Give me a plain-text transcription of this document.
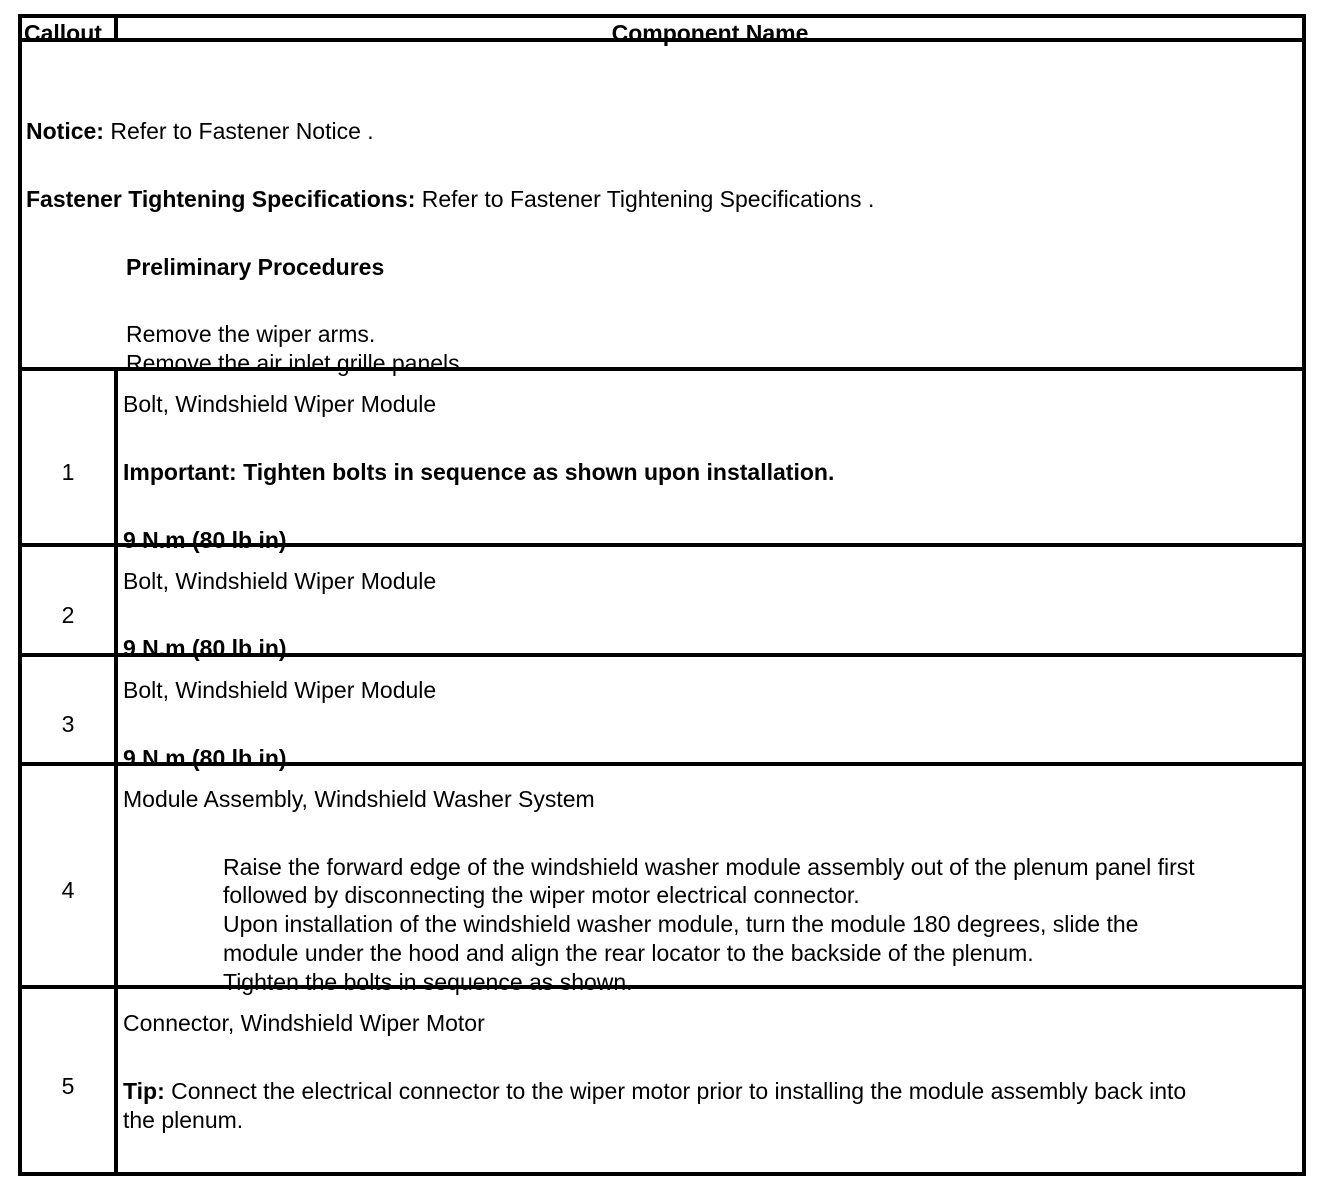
Callout	Component Name
Notice: Refer to Fastener Notice .
Fastener Tightening Specifications: Refer to Fastener Tightening Specifications .
Preliminary Procedures
Remove the wiper arms.
Remove the air inlet grille panels.
1
Bolt, Windshield Wiper Module
Important: Tighten bolts in sequence as shown upon installation.
9 N.m (80 lb in)
2
Bolt, Windshield Wiper Module
9 N.m (80 lb in)
3
Bolt, Windshield Wiper Module
9 N.m (80 lb in)
4
Module Assembly, Windshield Washer System
Raise the forward edge of the windshield washer module assembly out of the plenum panel first
followed by disconnecting the wiper motor electrical connector.
Upon installation of the windshield washer module, turn the module 180 degrees, slide the
module under the hood and align the rear locator to the backside of the plenum.
Tighten the bolts in sequence as shown.
5
Connector, Windshield Wiper Motor
Tip: Connect the electrical connector to the wiper motor prior to installing the module assembly back into
the plenum.
